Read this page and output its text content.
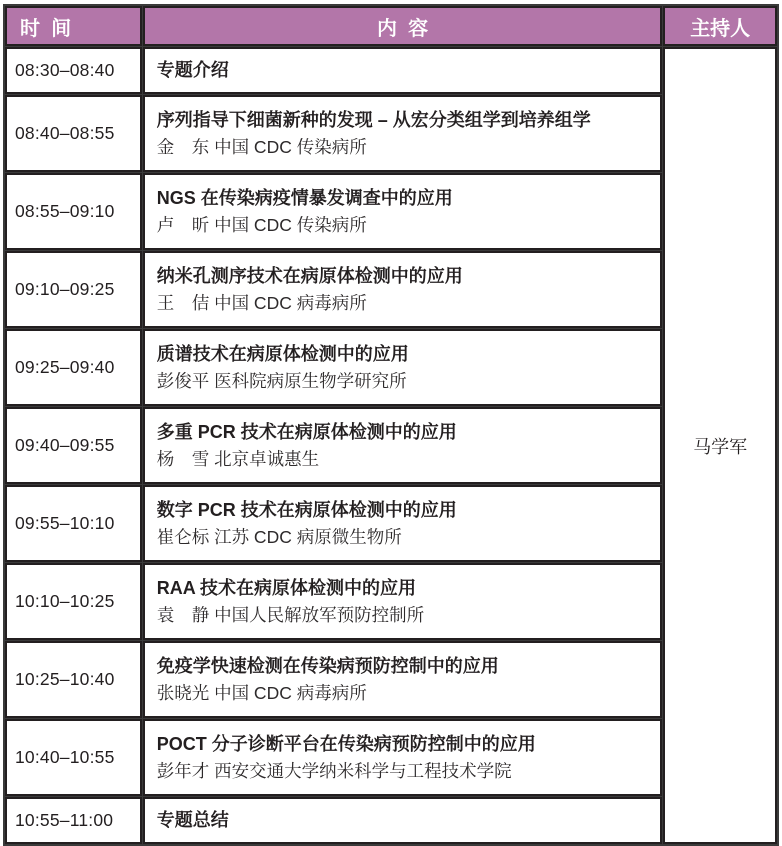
时  间	内  容	主持人
08:30–08:40	专题介绍	马学军
08:40–08:55	序列指导下细菌新种的发现 – 从宏分类组学到培养组学
金　东 中国 CDC 传染病所	

08:55–09:10	NGS 在传染病疫情暴发调查中的应用
卢　昕 中国 CDC 传染病所	

09:10–09:25	纳米孔测序技术在病原体检测中的应用
王　佶 中国 CDC 病毒病所	

09:25–09:40	质谱技术在病原体检测中的应用
彭俊平 医科院病原生物学研究所	

09:40–09:55	多重 PCR 技术在病原体检测中的应用
杨　雪 北京卓诚惠生	

09:55–10:10	数字 PCR 技术在病原体检测中的应用
崔仑标 江苏 CDC 病原微生物所	

10:10–10:25	RAA 技术在病原体检测中的应用
袁　静 中国人民解放军预防控制所	

10:25–10:40	免疫学快速检测在传染病预防控制中的应用
张晓光 中国 CDC 病毒病所	

10:40–10:55	POCT 分子诊断平台在传染病预防控制中的应用
彭年才 西安交通大学纳米科学与工程技术学院	

10:55–11:00	专题总结	
